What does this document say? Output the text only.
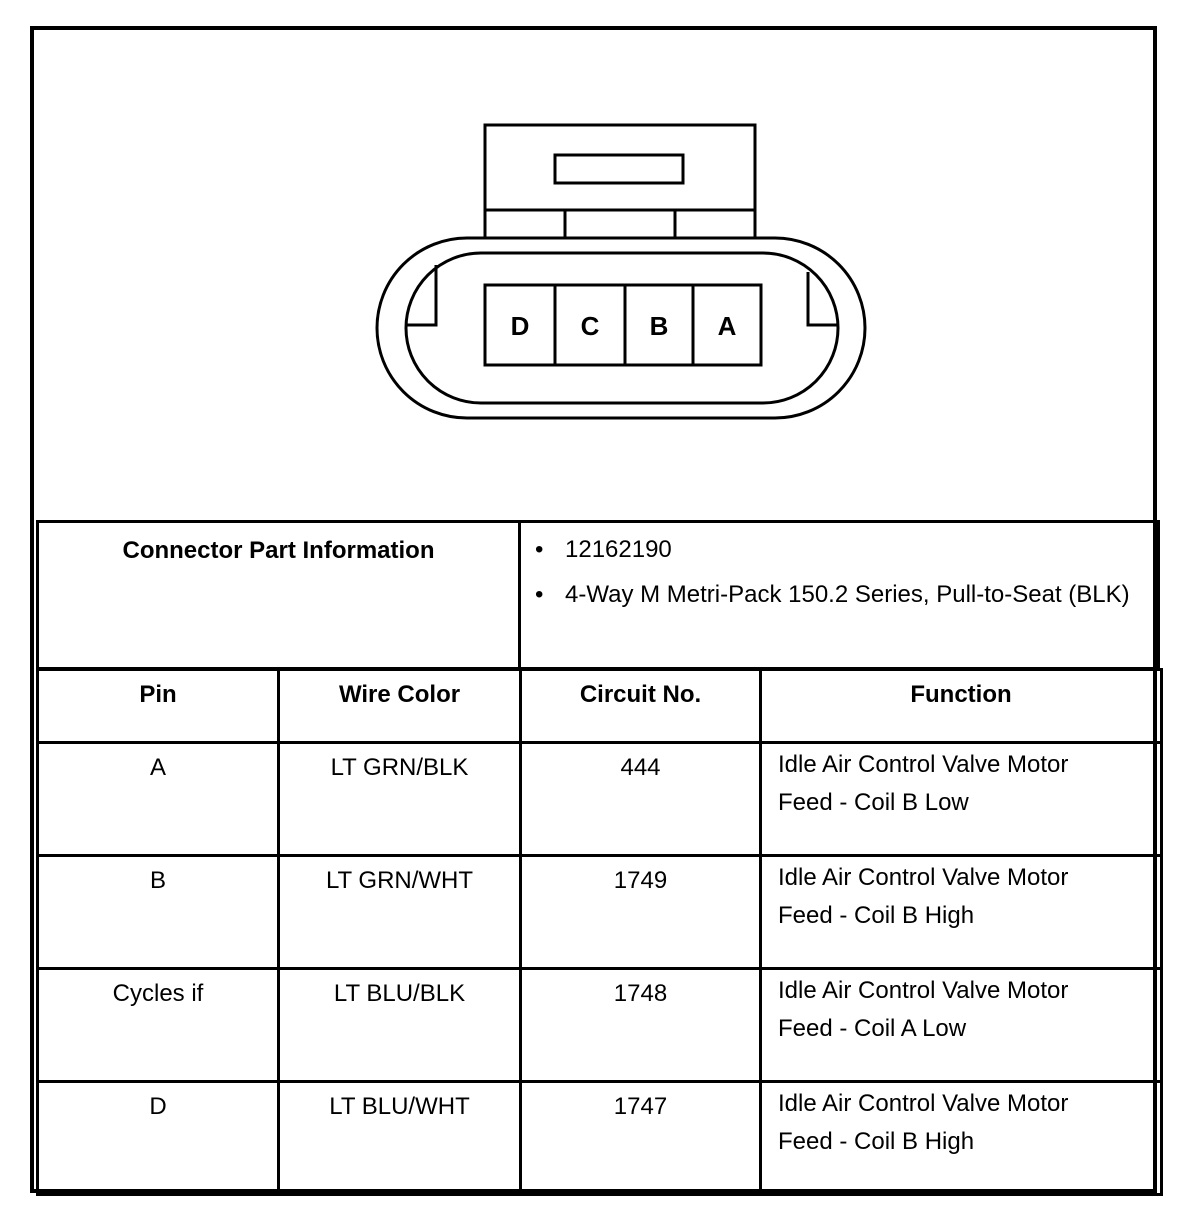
D C B A
Connector Part Information	• 12162190
• 4-Way M Metri-Pack 150.2 Series, Pull-to-Seat (BLK)
Pin	Wire Color	Circuit No.	Function
A	LT GRN/BLK	444	Idle Air Control Valve Motor
Feed - Coil B Low

B	LT GRN/WHT	1749	Idle Air Control Valve Motor
Feed - Coil B High

Cycles if	LT BLU/BLK	1748	Idle Air Control Valve Motor
Feed - Coil A Low

D	LT BLU/WHT	1747	Idle Air Control Valve Motor
Feed - Coil B High
